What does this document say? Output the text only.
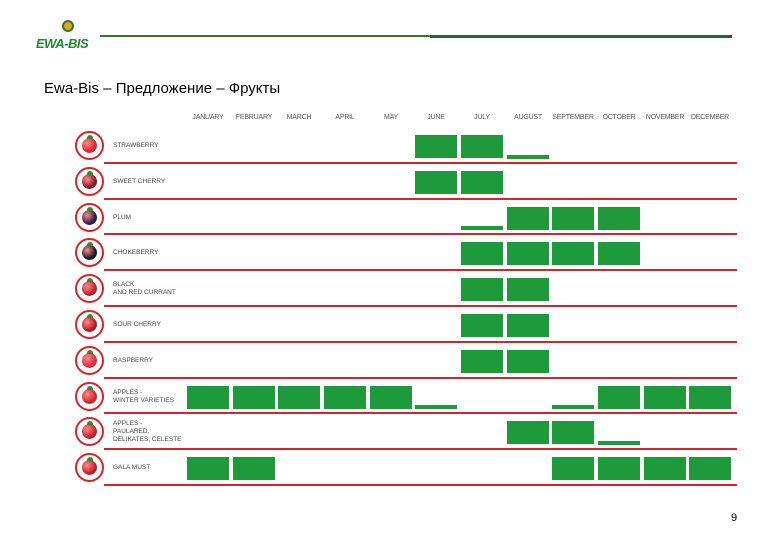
EWA-BIS
Ewa-Bis – Предложение – Фрукты
JANUARY	FEBRUARY	MARCH	APRIL	MAY	JUNE	JULY	AUGUST	SEPTEMBER	OCTOBER	NOVEMBER DECEMBER
STRAWBERRY
SWEET CHERRY
PLUM
CHOKEBERRY
BLACK
AND RED CURRANT
SOUR CHERRY
RASPBERRY
APPLES -
WINTER VARIETIES
APPLES -
PAULARED,
DELIKATES, CELESTE
GALA MUST
9
